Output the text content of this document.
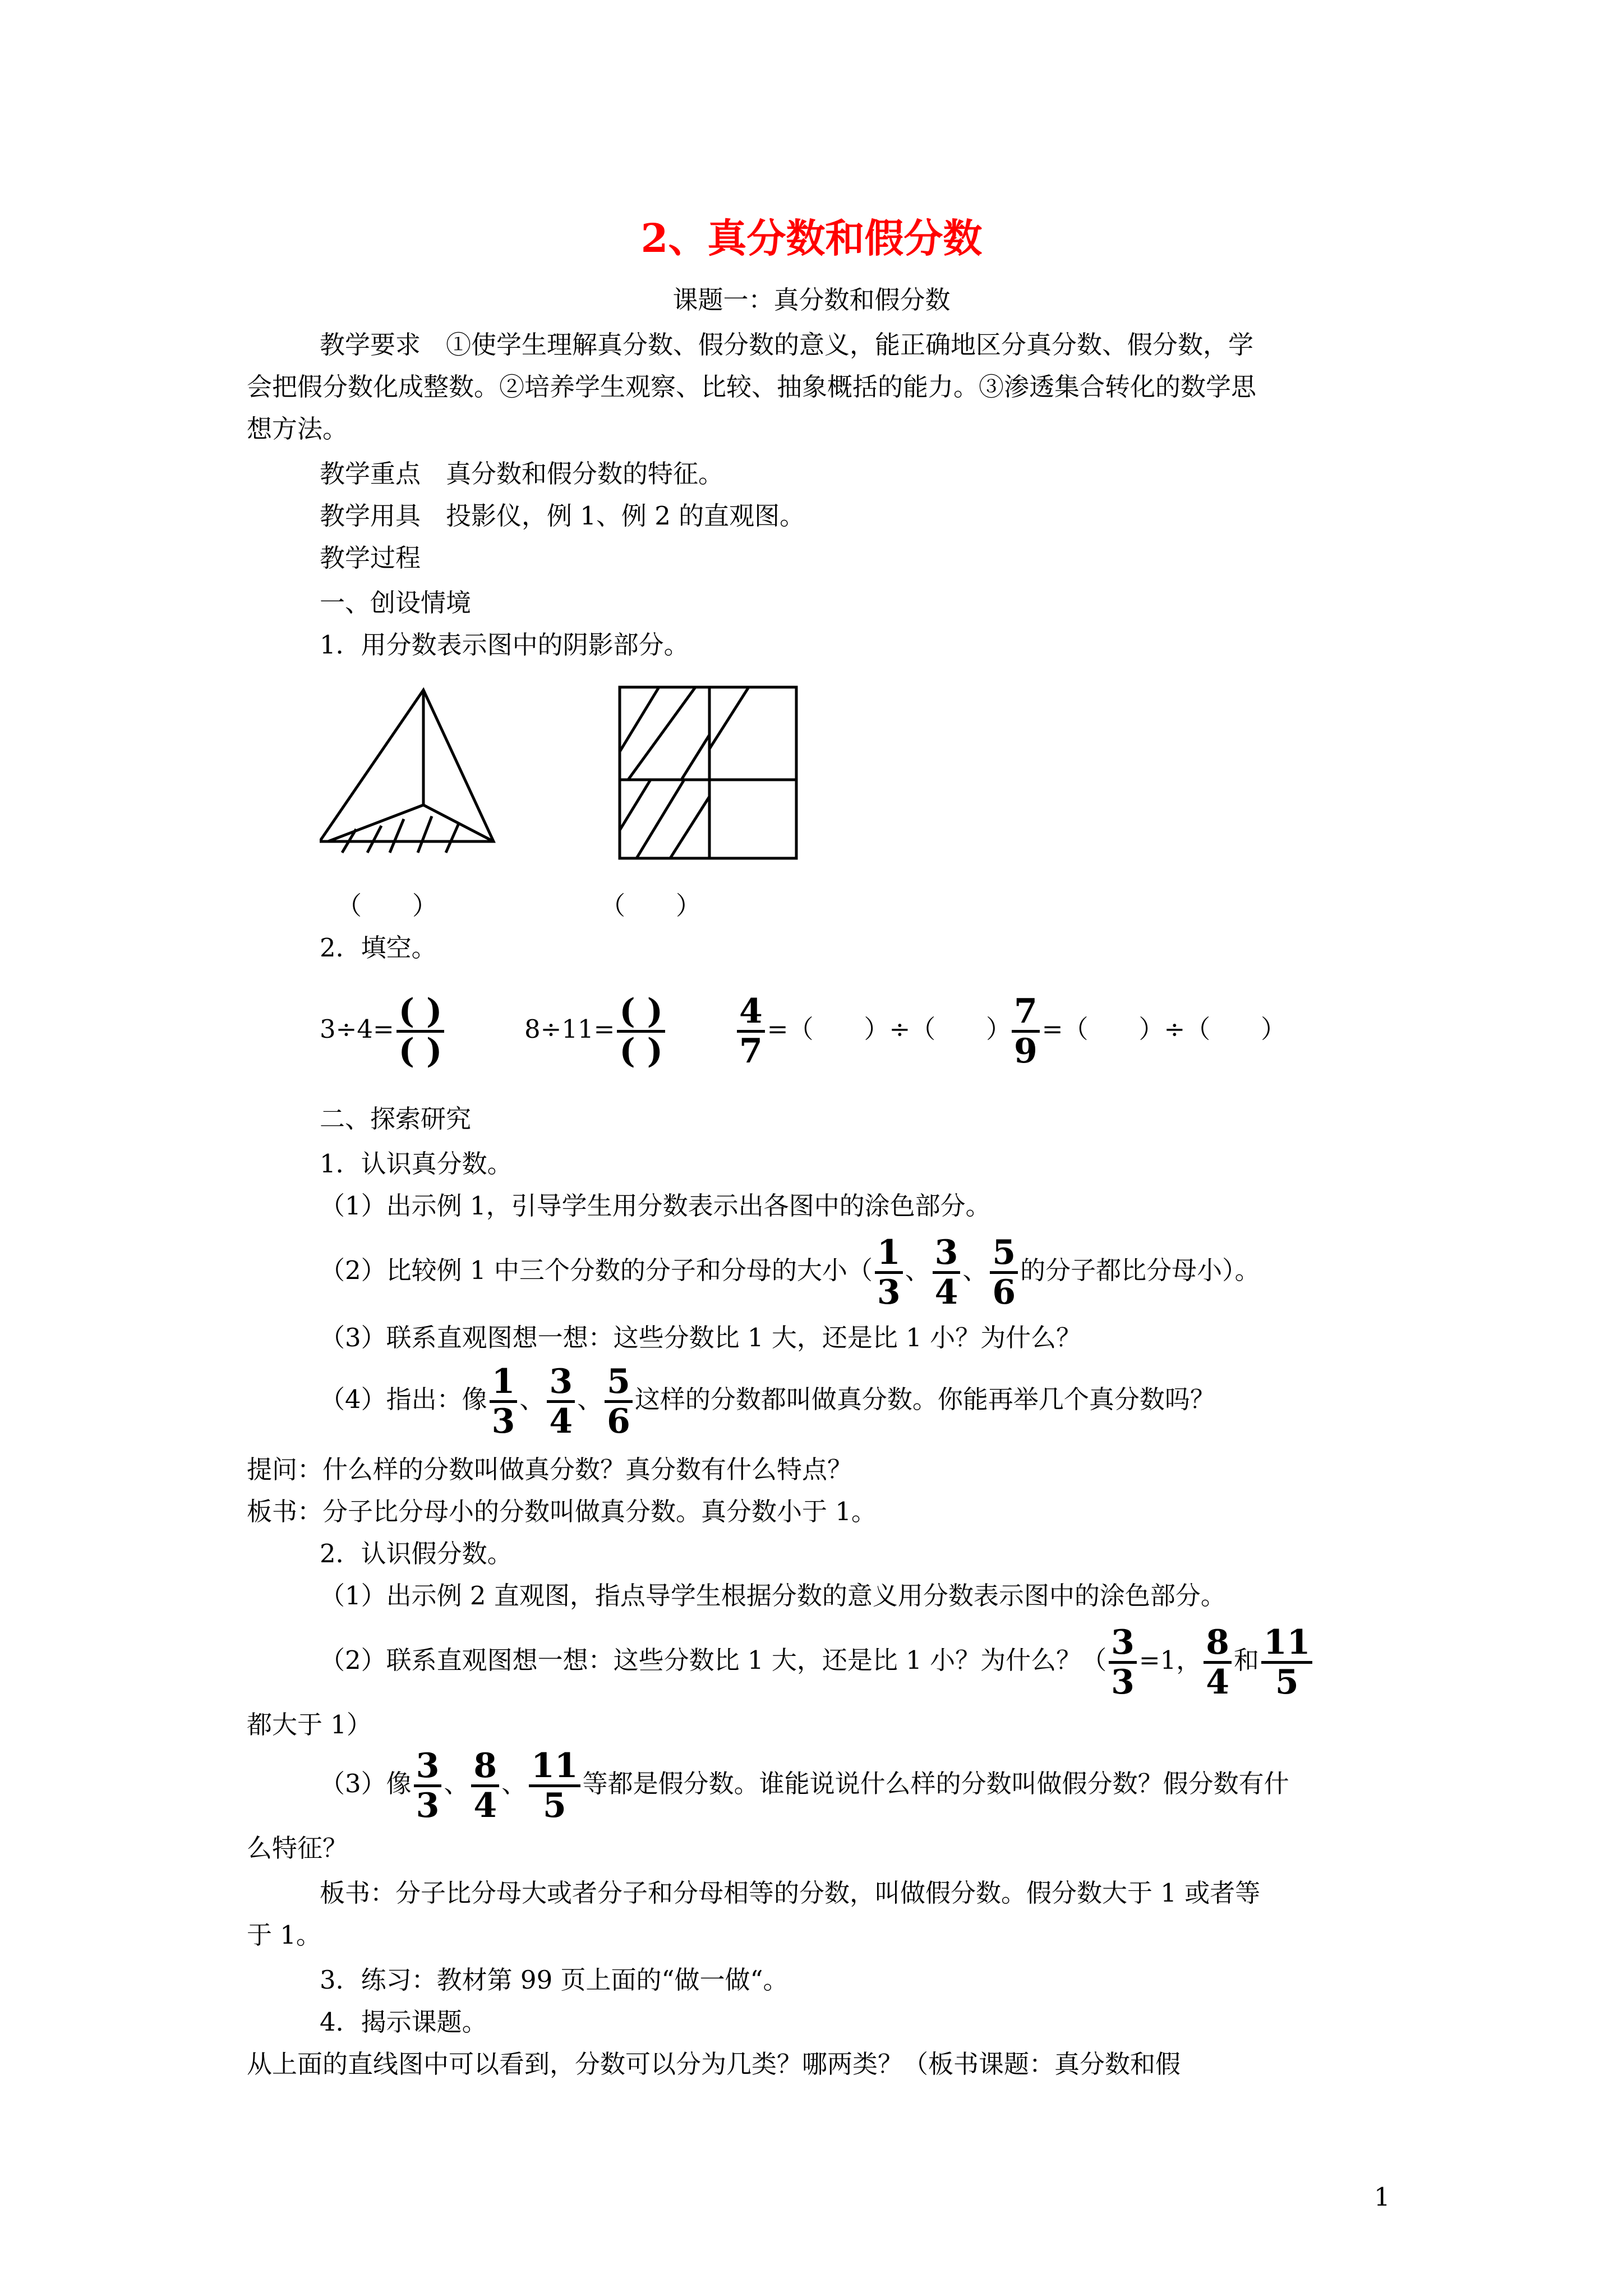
2、真分数和假分数
课题一：真分数和假分数
教学要求　①使学生理解真分数、假分数的意义，能正确地区分真分数、假分数，学
会把假分数化成整数。②培养学生观察、比较、抽象概括的能力。③渗透集合转化的数学思
想方法。
教学重点　真分数和假分数的特征。
教学用具　投影仪，例 1、例 2 的直观图。
教学过程
一、创设情境
1．用分数表示图中的阴影部分。
（　　）	（　　）
2．填空。
$3\div 4= \frac{( )}{( )}$	$8\div 11= \frac{( )}{( )} \frac{4}{7}$ =（　　）÷（　　） $\frac{7}{9}$ =（　　）÷（　　）
二、探索研究
1．认识真分数。
（1）出示例 1，引导学生用分数表示出各图中的涂色部分。
（2）比较例 1 中三个分数的分子和分母的大小（ $\frac{1}{3}$ 、 $\frac{3}{4}$ 、 $\frac{5}{6}$ 的分子都比分母小）。
（3）联系直观图想一想：这些分数比 1 大，还是比 1 小？为什么？
（4）指出：像 $\frac{1}{3}$ 、 $\frac{3}{4}$ 、 $\frac{5}{6}$ 这样的分数都叫做真分数。你能再举几个真分数吗？
提问：什么样的分数叫做真分数？真分数有什么特点？
板书：分子比分母小的分数叫做真分数。真分数小于 1。
2．认识假分数。
（1）出示例 2 直观图，指点导学生根据分数的意义用分数表示图中的涂色部分。
（2）联系直观图想一想：这些分数比 1 大，还是比 1 小？为什么？（ $\frac{3}{3} =1$， $\frac{8}{4}$ 和 $\frac{11}{5}$
都大于 1）
（3）像 $\frac{3}{3}$ 、 $\frac{8}{4}$ 、 $\frac{11}{5}$ 等都是假分数。谁能说说什么样的分数叫做假分数？假分数有什
么特征？
板书：分子比分母大或者分子和分母相等的分数，叫做假分数。假分数大于 1 或者等
于 1。
3．练习：教材第 99 页上面的“做一做“。
4．揭示课题。
从上面的直线图中可以看到，分数可以分为几类？哪两类？（板书课题：真分数和假
1
